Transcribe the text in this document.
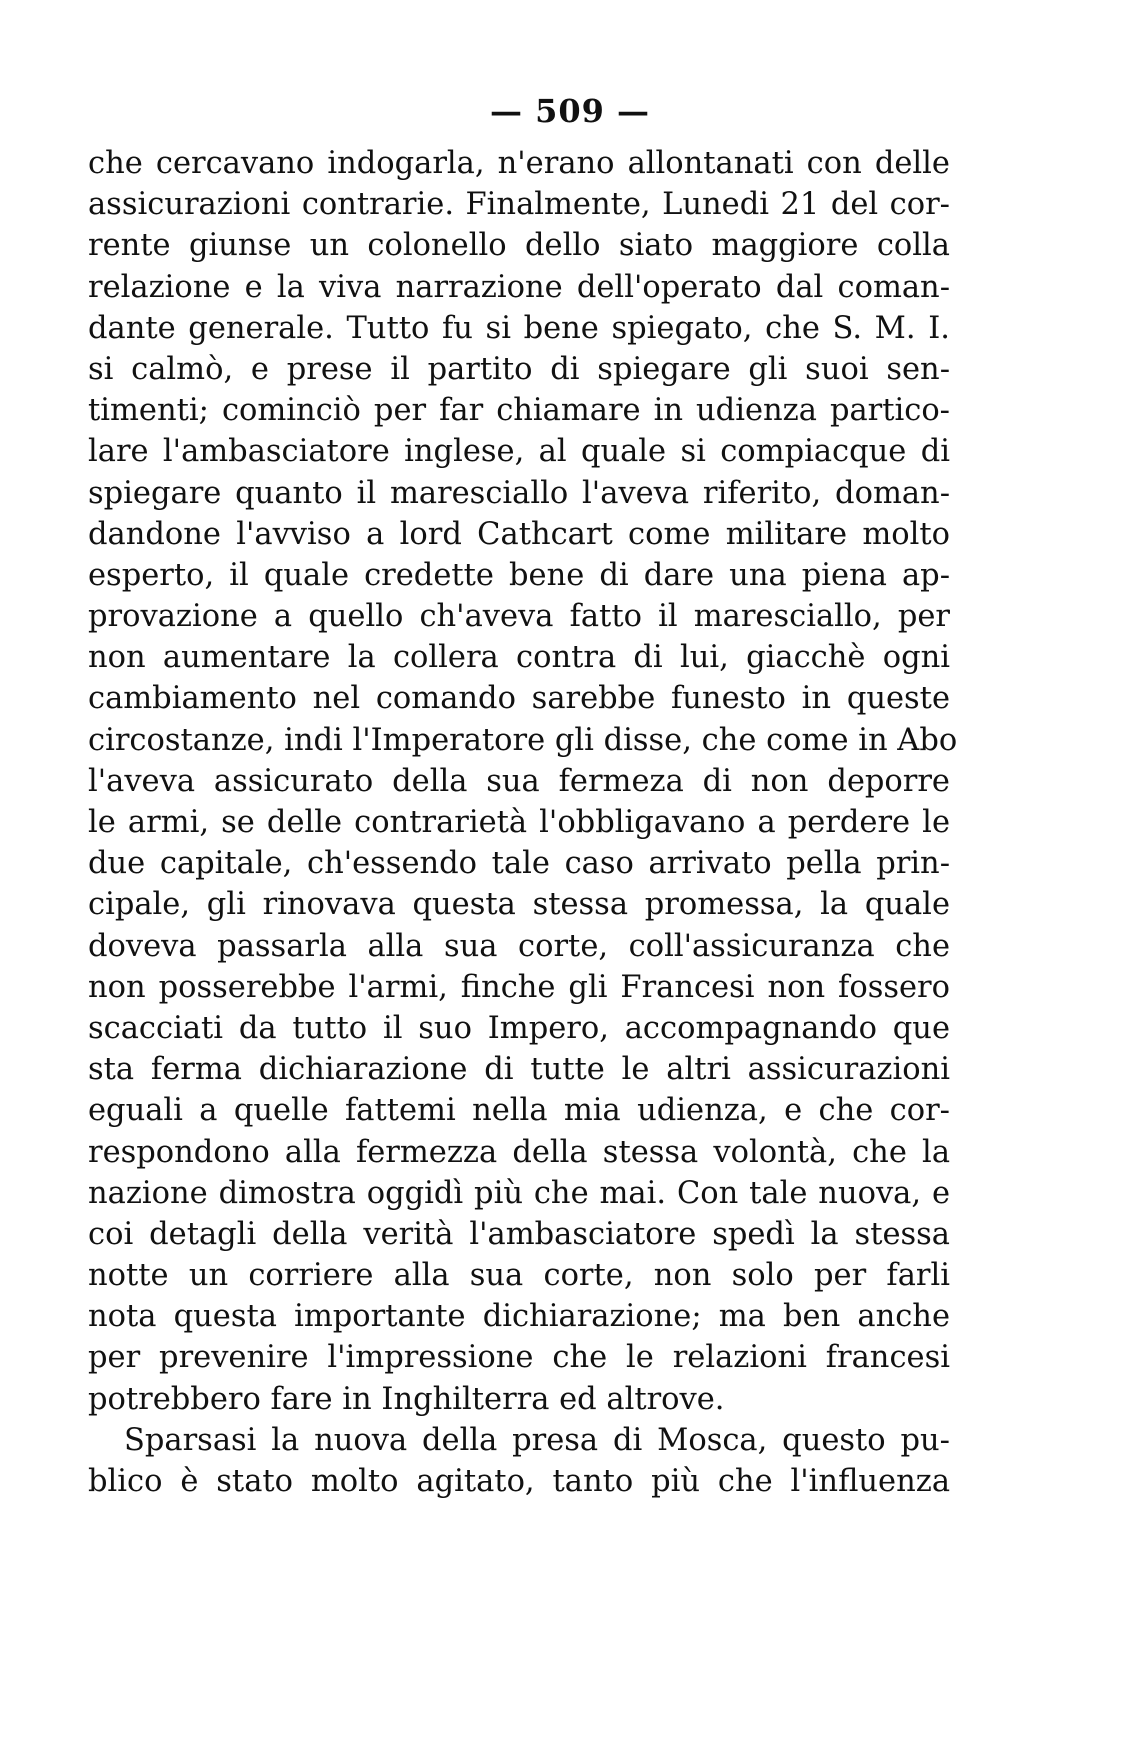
— 509 —
che cercavano indogarla, n'erano allontanati con delle
assicurazioni contrarie. Finalmente, Lunedi 21 del cor-
rente giunse un colonello dello siato maggiore colla
relazione e la viva narrazione dell'operato dal coman-
dante generale. Tutto fu si bene spiegato, che S. M. I.
si calmò, e prese il partito di spiegare gli suoi sen-
timenti; cominciò per far chiamare in udienza partico-
lare l'ambasciatore inglese, al quale si compiacque di
spiegare quanto il maresciallo l'aveva riferito, doman-
dandone l'avviso a lord Cathcart come militare molto
esperto, il quale credette bene di dare una piena ap-
provazione a quello ch'aveva fatto il maresciallo, per
non aumentare la collera contra di lui, giacchè ogni
cambiamento nel comando sarebbe funesto in queste
circostanze, indi l'Imperatore gli disse, che come in Abo
l'aveva assicurato della sua fermeza di non deporre
le armi, se delle contrarietà l'obbligavano a perdere le
due capitale, ch'essendo tale caso arrivato pella prin-
cipale, gli rinovava questa stessa promessa, la quale
doveva passarla alla sua corte, coll'assicuranza che
non posserebbe l'armi, finche gli Francesi non fossero
scacciati da tutto il suo Impero, accompagnando que
sta ferma dichiarazione di tutte le altri assicurazioni
eguali a quelle fattemi nella mia udienza, e che cor-
respondono alla fermezza della stessa volontà, che la
nazione dimostra oggidì più che mai. Con tale nuova, e
coi detagli della verità l'ambasciatore spedì la stessa
notte un corriere alla sua corte, non solo per farli
nota questa importante dichiarazione; ma ben anche
per prevenire l'impressione che le relazioni francesi
potrebbero fare in Inghilterra ed altrove.
Sparsasi la nuova della presa di Mosca, questo pu-
blico è stato molto agitato, tanto più che l'influenza
